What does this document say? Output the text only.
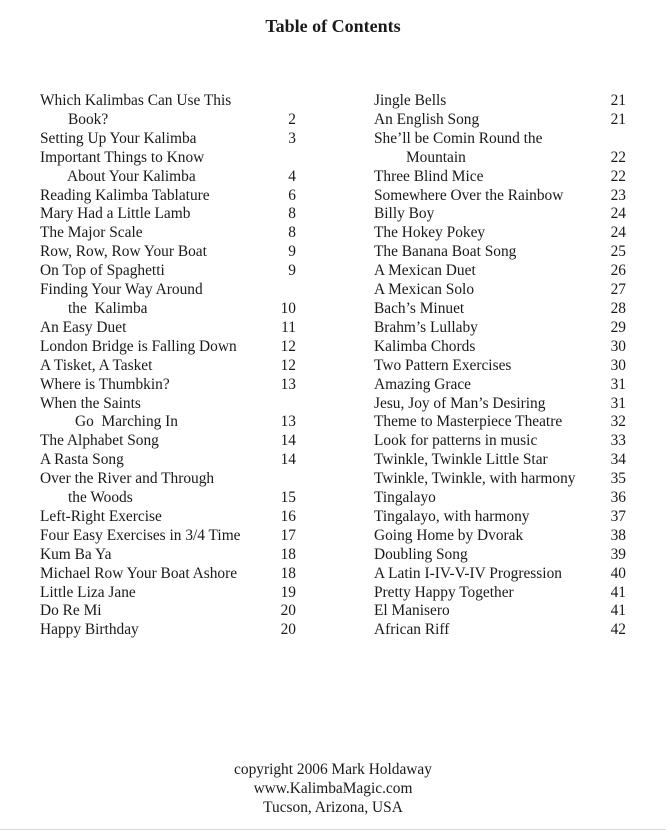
Table of Contents
Which Kalimbas Can Use This
Book?	2
Setting Up Your Kalimba	3
Important Things to Know
About Your Kalimba	4
Reading Kalimba Tablature	6
Mary Had a Little Lamb	8
The Major Scale	8
Row, Row, Row Your Boat	9
On Top of Spaghetti	9
Finding Your Way Around
the  Kalimba	10
An Easy Duet	11
London Bridge is Falling Down	12
A Tisket, A Tasket	12
Where is Thumbkin?	13
When the Saints
Go  Marching In	13
The Alphabet Song	14
A Rasta Song	14
Over the River and Through
the Woods	15
Left-Right Exercise	16
Four Easy Exercises in 3/4 Time	17
Kum Ba Ya	18
Michael Row Your Boat Ashore	18
Little Liza Jane	19
Do Re Mi	20
Happy Birthday	20
Jingle Bells	21
An English Song	21
She’ll be Comin Round the
Mountain	22
Three Blind Mice	22
Somewhere Over the Rainbow	23
Billy Boy	24
The Hokey Pokey	24
The Banana Boat Song	25
A Mexican Duet	26
A Mexican Solo	27
Bach’s Minuet	28
Brahm’s Lullaby	29
Kalimba Chords	30
Two Pattern Exercises	30
Amazing Grace	31
Jesu, Joy of Man’s Desiring	31
Theme to Masterpiece Theatre	32
Look for patterns in music	33
Twinkle, Twinkle Little Star	34
Twinkle, Twinkle, with harmony	35
Tingalayo	36
Tingalayo, with harmony	37
Going Home by Dvorak	38
Doubling Song	39
A Latin I-IV-V-IV Progression	40
Pretty Happy Together	41
El Manisero	41
African Riff	42
copyright 2006 Mark Holdaway
www.KalimbaMagic.com
Tucson, Arizona, USA
